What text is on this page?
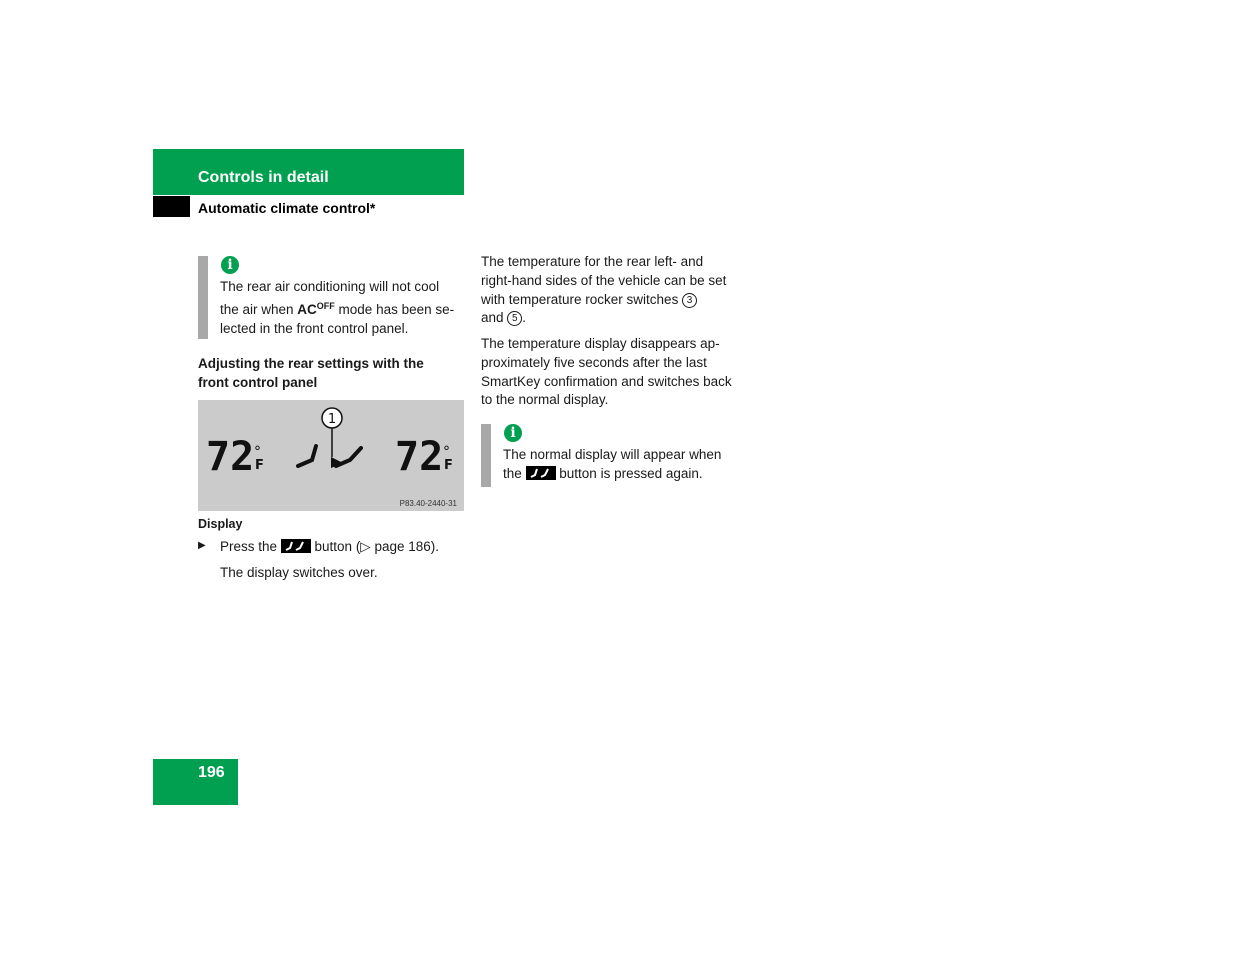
Controls in detail
Automatic climate control*
i
The rear air conditioning will not cool
the air when $AC^{OFF}$ mode has been se-
lected in the front control panel.
Adjusting the rear settings with the
front control panel
72 °
F
1
72 °
F
P83.40-2440-31
Display
▶ Press the
button (▷ page 186).
The display switches over.
The temperature for the rear left- and
right-hand sides of the vehicle can be set
with temperature rocker switches 3
and 5 .
The temperature display disappears ap-
proximately five seconds after the last
SmartKey confirmation and switches back
to the normal display.
i
The normal display will appear when
the
button is pressed again.
196
